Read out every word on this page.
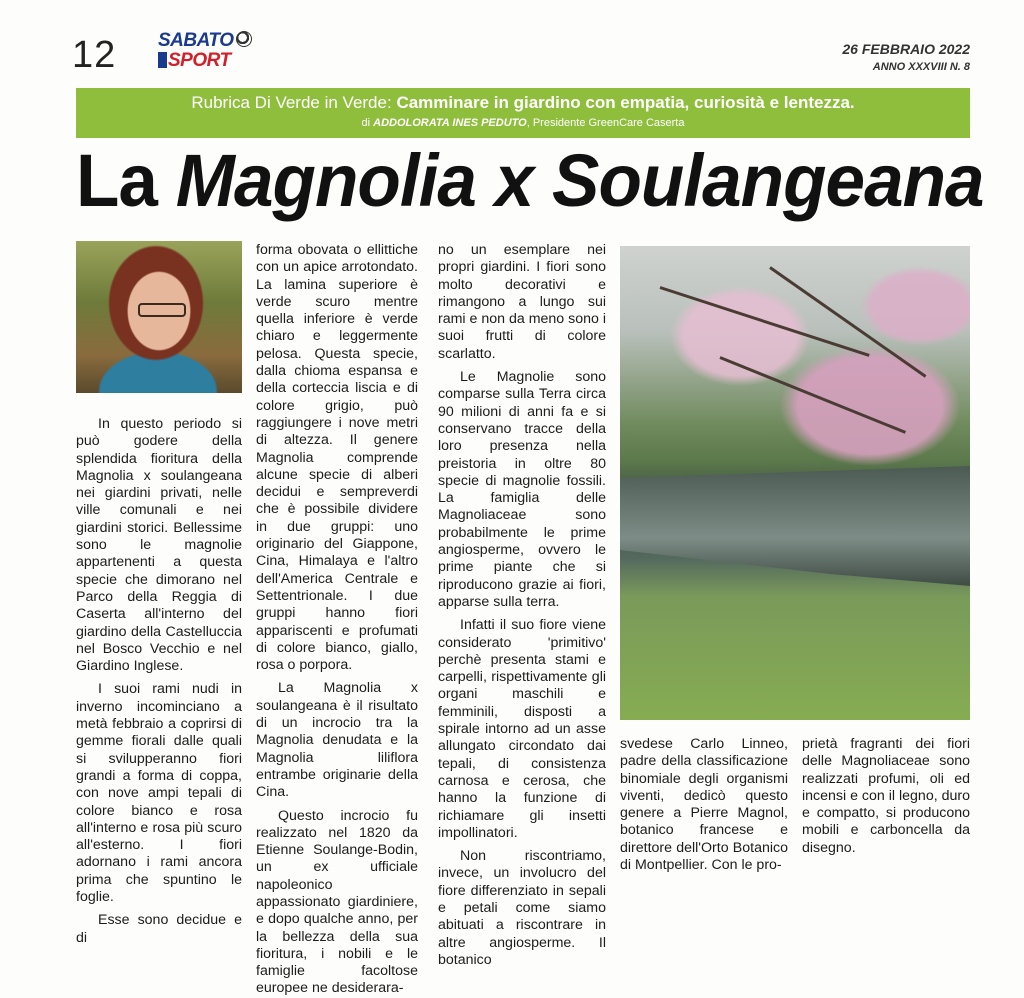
12 SABATO
SPORT
26 FEBBRAIO 2022
ANNO XXXVIII N. 8
Rubrica Di Verde in Verde: Camminare in giardino con empatia, curiosità e lentezza.
di ADDOLORATA INES PEDUTO, Presidente GreenCare Caserta
La Magnolia x Soulangeana

In questo periodo si può godere della splendida fioritura della Magnolia x soulangeana nei giardini privati, nelle ville comunali e nei giardini storici. Bellessime sono le magnolie appartenenti a questa specie che dimorano nel Parco della Reggia di Caserta all'interno del giardino della Castelluccia nel Bosco Vecchio e nel Giardino Inglese.

I suoi rami nudi in inverno incominciano a metà febbraio a coprirsi di gemme fiorali dalle quali si svilupperanno fiori grandi a forma di coppa, con nove ampi tepali di colore bianco e rosa all'interno e rosa più scuro all'esterno. I fiori adornano i rami ancora prima che spuntino le foglie.

Esse sono decidue e di

forma obovata o ellittiche con un apice arrotondato. La lamina superiore è verde scuro mentre quella inferiore è verde chiaro e leggermente pelosa. Questa specie, dalla chioma espansa e della corteccia liscia e di colore grigio, può raggiungere i nove metri di altezza. Il genere Magnolia comprende alcune specie di alberi decidui e sempreverdi che è possibile dividere in due gruppi: uno originario del Giappone, Cina, Himalaya e l'altro dell'America Centrale e Settentrionale. I due gruppi hanno fiori appariscenti e profumati di colore bianco, giallo, rosa o porpora.

La Magnolia x soulangeana è il risultato di un incrocio tra la Magnolia denudata e la Magnolia liliflora entrambe originarie della Cina.

Questo incrocio fu realizzato nel 1820 da Etienne Soulange-Bodin, un ex ufficiale napoleonico appassionato giardiniere, e dopo qualche anno, per la bellezza della sua fioritura, i nobili e le famiglie facoltose europee ne desiderara-

no un esemplare nei propri giardini. I fiori sono molto decorativi e rimangono a lungo sui rami e non da meno sono i suoi frutti di colore scarlatto.

Le Magnolie sono comparse sulla Terra circa 90 milioni di anni fa e si conservano tracce della loro presenza nella preistoria in oltre 80 specie di magnolie fossili. La famiglia delle Magnoliaceae sono probabilmente le prime angiosperme, ovvero le prime piante che si riproducono grazie ai fiori, apparse sulla terra.

Infatti il suo fiore viene considerato 'primitivo' perchè presenta stami e carpelli, rispettivamente gli organi maschili e femminili, disposti a spirale intorno ad un asse allungato circondato dai tepali, di consistenza carnosa e cerosa, che hanno la funzione di richiamare gli insetti impollinatori.

Non riscontriamo, invece, un involucro del fiore differenziato in sepali e petali come siamo abituati a riscontrare in altre angiosperme. Il botanico

svedese Carlo Linneo, padre della classificazione binomiale degli organismi viventi, dedicò questo genere a Pierre Magnol, botanico francese e direttore dell'Orto Botanico di Montpellier. Con le pro-

prietà fragranti dei fiori delle Magnoliaceae sono realizzati profumi, oli ed incensi e con il legno, duro e compatto, si producono mobili e carboncella da disegno.
